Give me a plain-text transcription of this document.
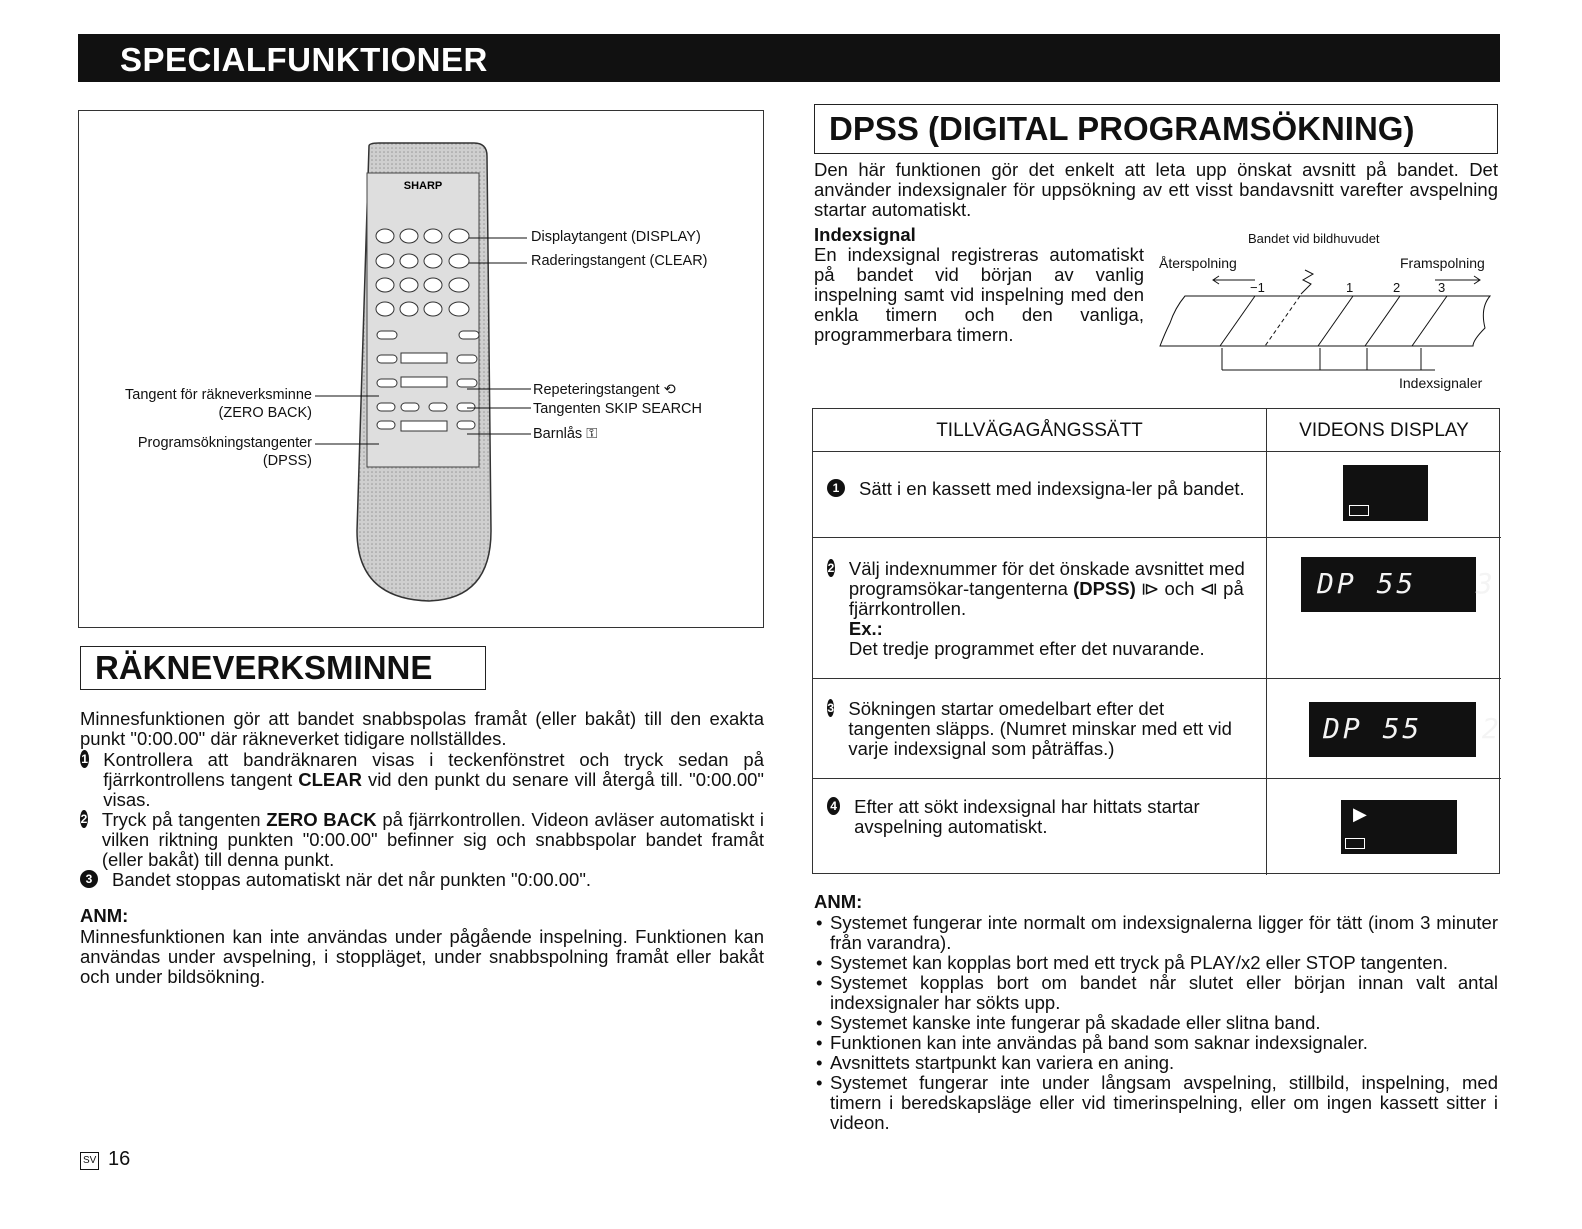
SPECIALFUNKTIONER
SHARP
Displaytangent (DISPLAY)
Raderingstangent (CLEAR)
Repeteringstangent ⟲
Tangenten SKIP SEARCH
Barnlås ⚿
Tangent för räkneverksminne
(ZERO BACK)
Programsökningstangenter
(DPSS)
RÄKNEVERKSMINNE
Minnesfunktionen gör att bandet snabbspolas framåt (eller bakåt) till den exakta punkt "0:00.00" där räkneverket tidigare nollställdes.
1 Kontrollera att bandräknaren visas i teckenfönstret och tryck sedan på fjärrkontrollens tangent CLEAR vid den punkt du senare vill återgå till. "0:00.00" visas.
2 Tryck på tangenten ZERO BACK på fjärrkontrollen. Videon avläser automatiskt i vilken riktning punkten "0:00.00" befinner sig och snabbspolar bandet framåt (eller bakåt) till denna punkt.
3	Bandet stoppas automatiskt när det når punkten "0:00.00".
ANM:
Minnesfunktionen kan inte användas under pågående inspelning. Funktionen kan användas under avspelning, i stoppläget, under snabbspolning framåt eller bakåt och under bildsökning.
DPSS (DIGITAL PROGRAMSÖKNING)
Den här funktionen gör det enkelt att leta upp önskat avsnitt på bandet. Det använder indexsignaler för uppsökning av ett visst bandavsnitt varefter avspelning startar automatiskt.
Indexsignal
En indexsignal registreras automatiskt på bandet vid början av vanlig inspelning samt vid inspelning med den enkla timern och den vanliga, programmerbara timern.
Bandet vid bildhuvudet
Återspolning	Framspolning
−1	1	2	3
Indexsignaler
TILLVÄGAGÅNGSSÄTT	VIDEONS DISPLAY
1	Sätt i en kassett med indexsigna-ler på bandet.
2 Välj indexnummer för det önskade avsnittet med programsökar-tangenterna (DPSS) ⧐ och ⧏ på fjärrkontrollen.
Ex.:
Det tredje programmet efter det nuvarande.
DP 55   3
3 Sökningen startar omedelbart efter det tangenten släpps. (Numret minskar med ett vid varje indexsignal som påträffas.)
DP 55   2
4 Efter att sökt indexsignal har hittats startar avspelning automatiskt.
▶
ANM:
• Systemet fungerar inte normalt om indexsignalerna ligger för tätt (inom 3 minuter från varandra).
• Systemet kan kopplas bort med ett tryck på PLAY/x2 eller STOP tangenten.
• Systemet kopplas bort om bandet når slutet eller början innan valt antal indexsignaler har sökts upp.
• Systemet kanske inte fungerar på skadade eller slitna band.
• Funktionen kan inte användas på band som saknar indexsignaler.
• Avsnittets startpunkt kan variera en aning.
• Systemet fungerar inte under långsam avspelning, stillbild, inspelning, med timern i beredskapsläge eller vid timerinspelning, eller om ingen kassett sitter i videon.
SV 16
